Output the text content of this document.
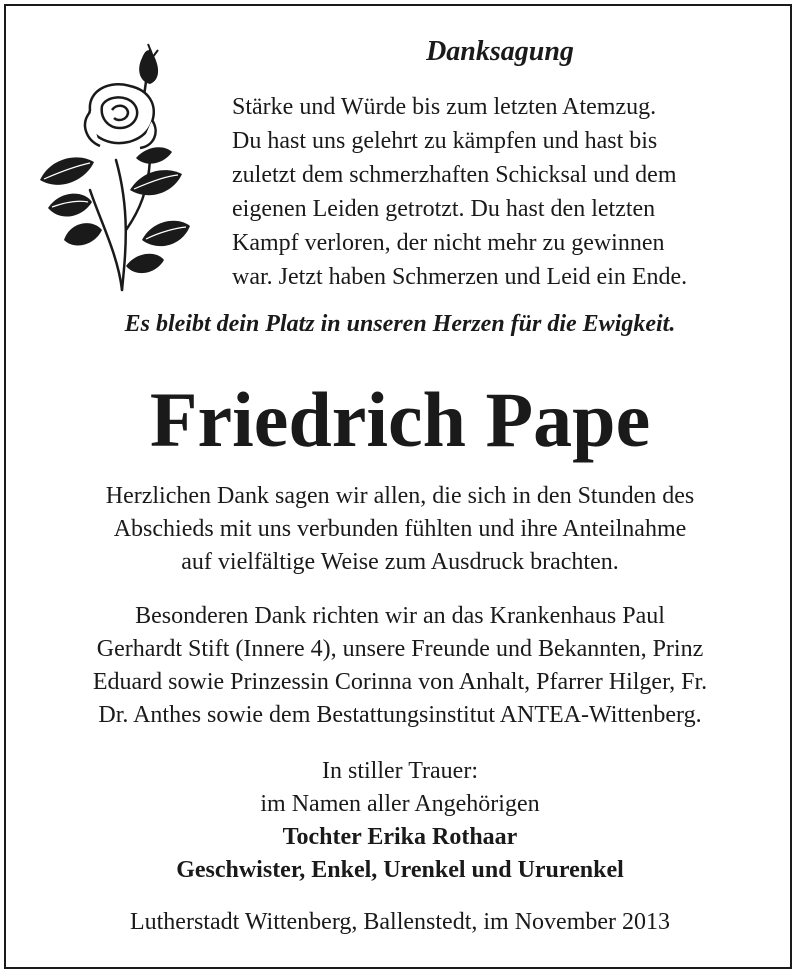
Danksagung
Stärke und Würde bis zum letzten Atemzug.
Du hast uns gelehrt zu kämpfen und hast bis
zuletzt dem schmerzhaften Schicksal und dem
eigenen Leiden getrotzt. Du hast den letzten
Kampf verloren, der nicht mehr zu gewinnen
war. Jetzt haben Schmerzen und Leid ein Ende.
Es bleibt dein Platz in unseren Herzen für die Ewigkeit.
Friedrich Pape
Herzlichen Dank sagen wir allen, die sich in den Stunden des
Abschieds mit uns verbunden fühlten und ihre Anteilnahme
auf vielfältige Weise zum Ausdruck brachten.
Besonderen Dank richten wir an das Krankenhaus Paul
Gerhardt Stift (Innere 4), unsere Freunde und Bekannten, Prinz
Eduard sowie Prinzessin Corinna von Anhalt, Pfarrer Hilger, Fr.
Dr. Anthes sowie dem Bestattungsinstitut ANTEA-Wittenberg.
In stiller Trauer:
im Namen aller Angehörigen
Tochter Erika Rothaar
Geschwister, Enkel, Urenkel und Ururenkel
Lutherstadt Wittenberg, Ballenstedt, im November 2013
